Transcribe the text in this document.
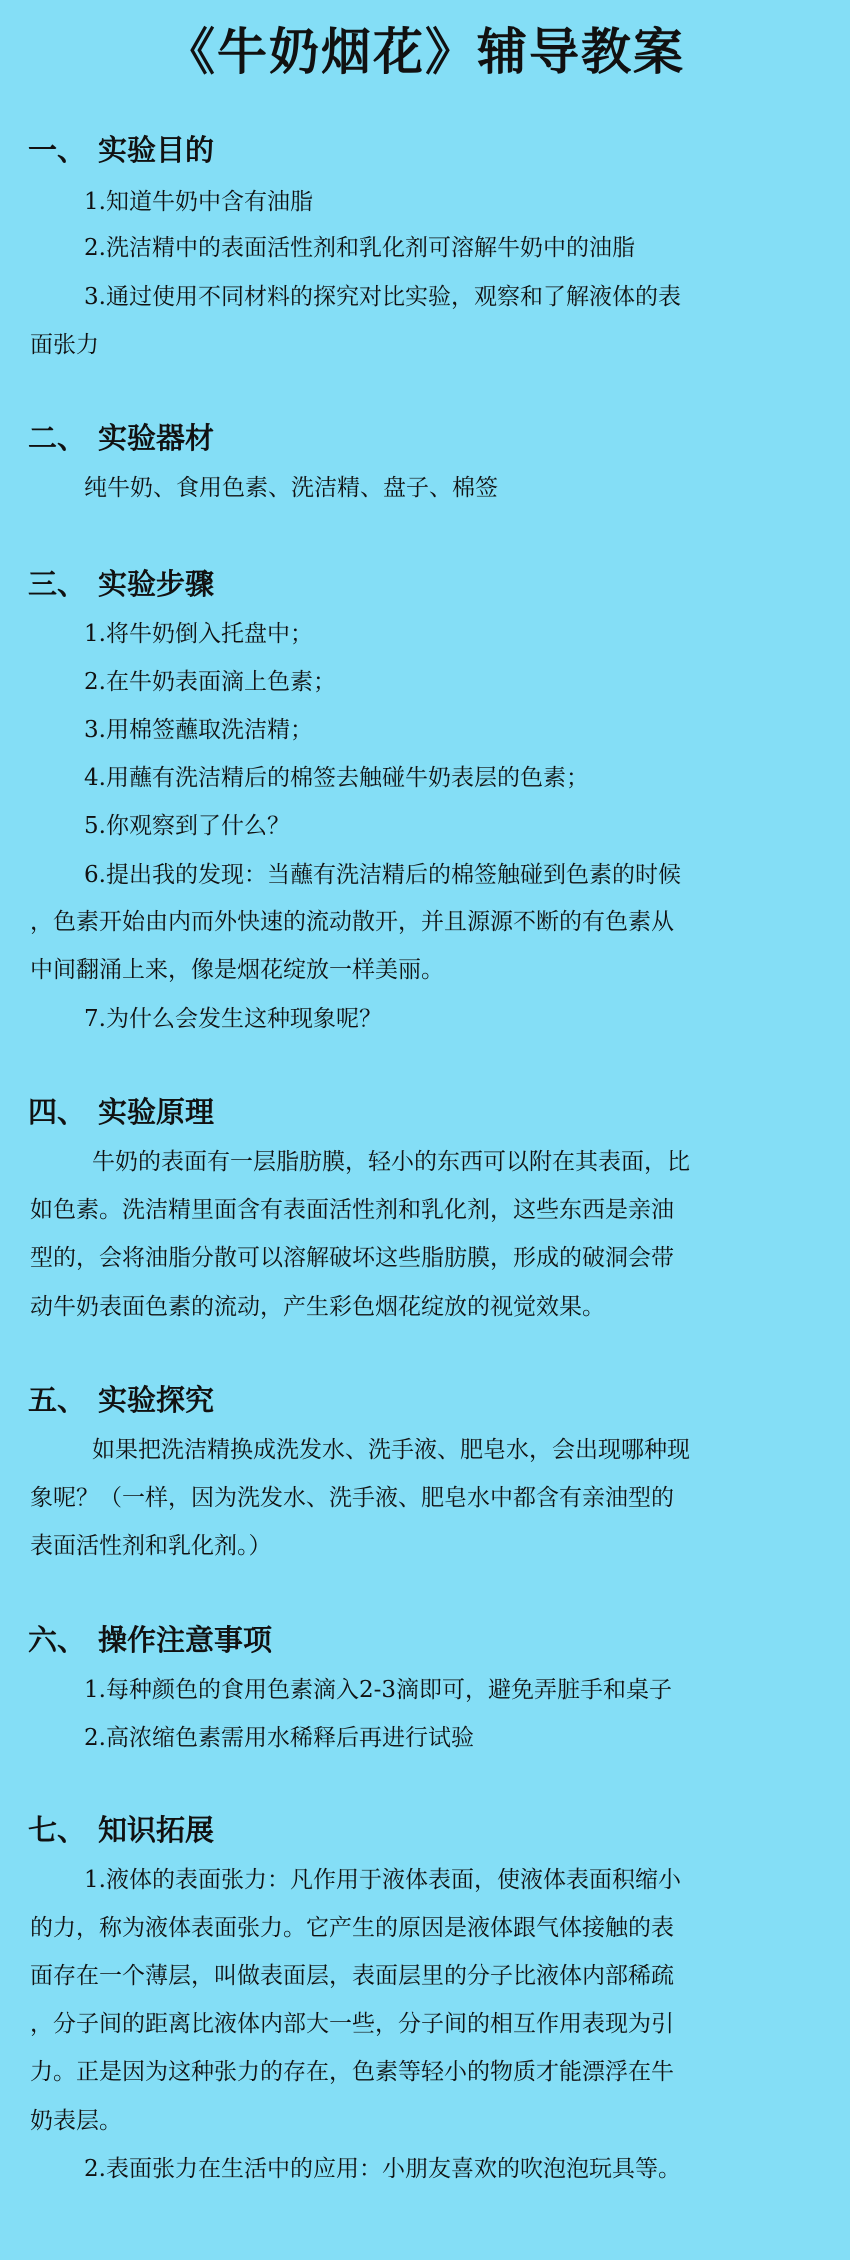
《牛奶烟花》辅导教案
一、 实验目的
1.知道牛奶中含有油脂
2.洗洁精中的表面活性剂和乳化剂可溶解牛奶中的油脂
3.通过使用不同材料的探究对比实验，观察和了解液体的表
面张力
二、 实验器材
纯牛奶、食用色素、洗洁精、盘子、棉签
三、 实验步骤
1.将牛奶倒入托盘中；
2.在牛奶表面滴上色素；
3.用棉签蘸取洗洁精；
4.用蘸有洗洁精后的棉签去触碰牛奶表层的色素；
5.你观察到了什么？
6.提出我的发现：当蘸有洗洁精后的棉签触碰到色素的时候
，色素开始由内而外快速的流动散开，并且源源不断的有色素从
中间翻涌上来，像是烟花绽放一样美丽。
7.为什么会发生这种现象呢？
四、 实验原理
牛奶的表面有一层脂肪膜，轻小的东西可以附在其表面，比
如色素。洗洁精里面含有表面活性剂和乳化剂，这些东西是亲油
型的，会将油脂分散可以溶解破坏这些脂肪膜，形成的破洞会带
动牛奶表面色素的流动，产生彩色烟花绽放的视觉效果。
五、 实验探究
如果把洗洁精换成洗发水、洗手液、肥皂水，会出现哪种现
象呢？（一样，因为洗发水、洗手液、肥皂水中都含有亲油型的
表面活性剂和乳化剂。）
六、 操作注意事项
1.每种颜色的食用色素滴入2-3滴即可，避免弄脏手和桌子
2.高浓缩色素需用水稀释后再进行试验
七、 知识拓展
1.液体的表面张力：凡作用于液体表面，使液体表面积缩小
的力，称为液体表面张力。它产生的原因是液体跟气体接触的表
面存在一个薄层，叫做表面层，表面层里的分子比液体内部稀疏
，分子间的距离比液体内部大一些，分子间的相互作用表现为引
力。正是因为这种张力的存在，色素等轻小的物质才能漂浮在牛
奶表层。
2.表面张力在生活中的应用：小朋友喜欢的吹泡泡玩具等。
